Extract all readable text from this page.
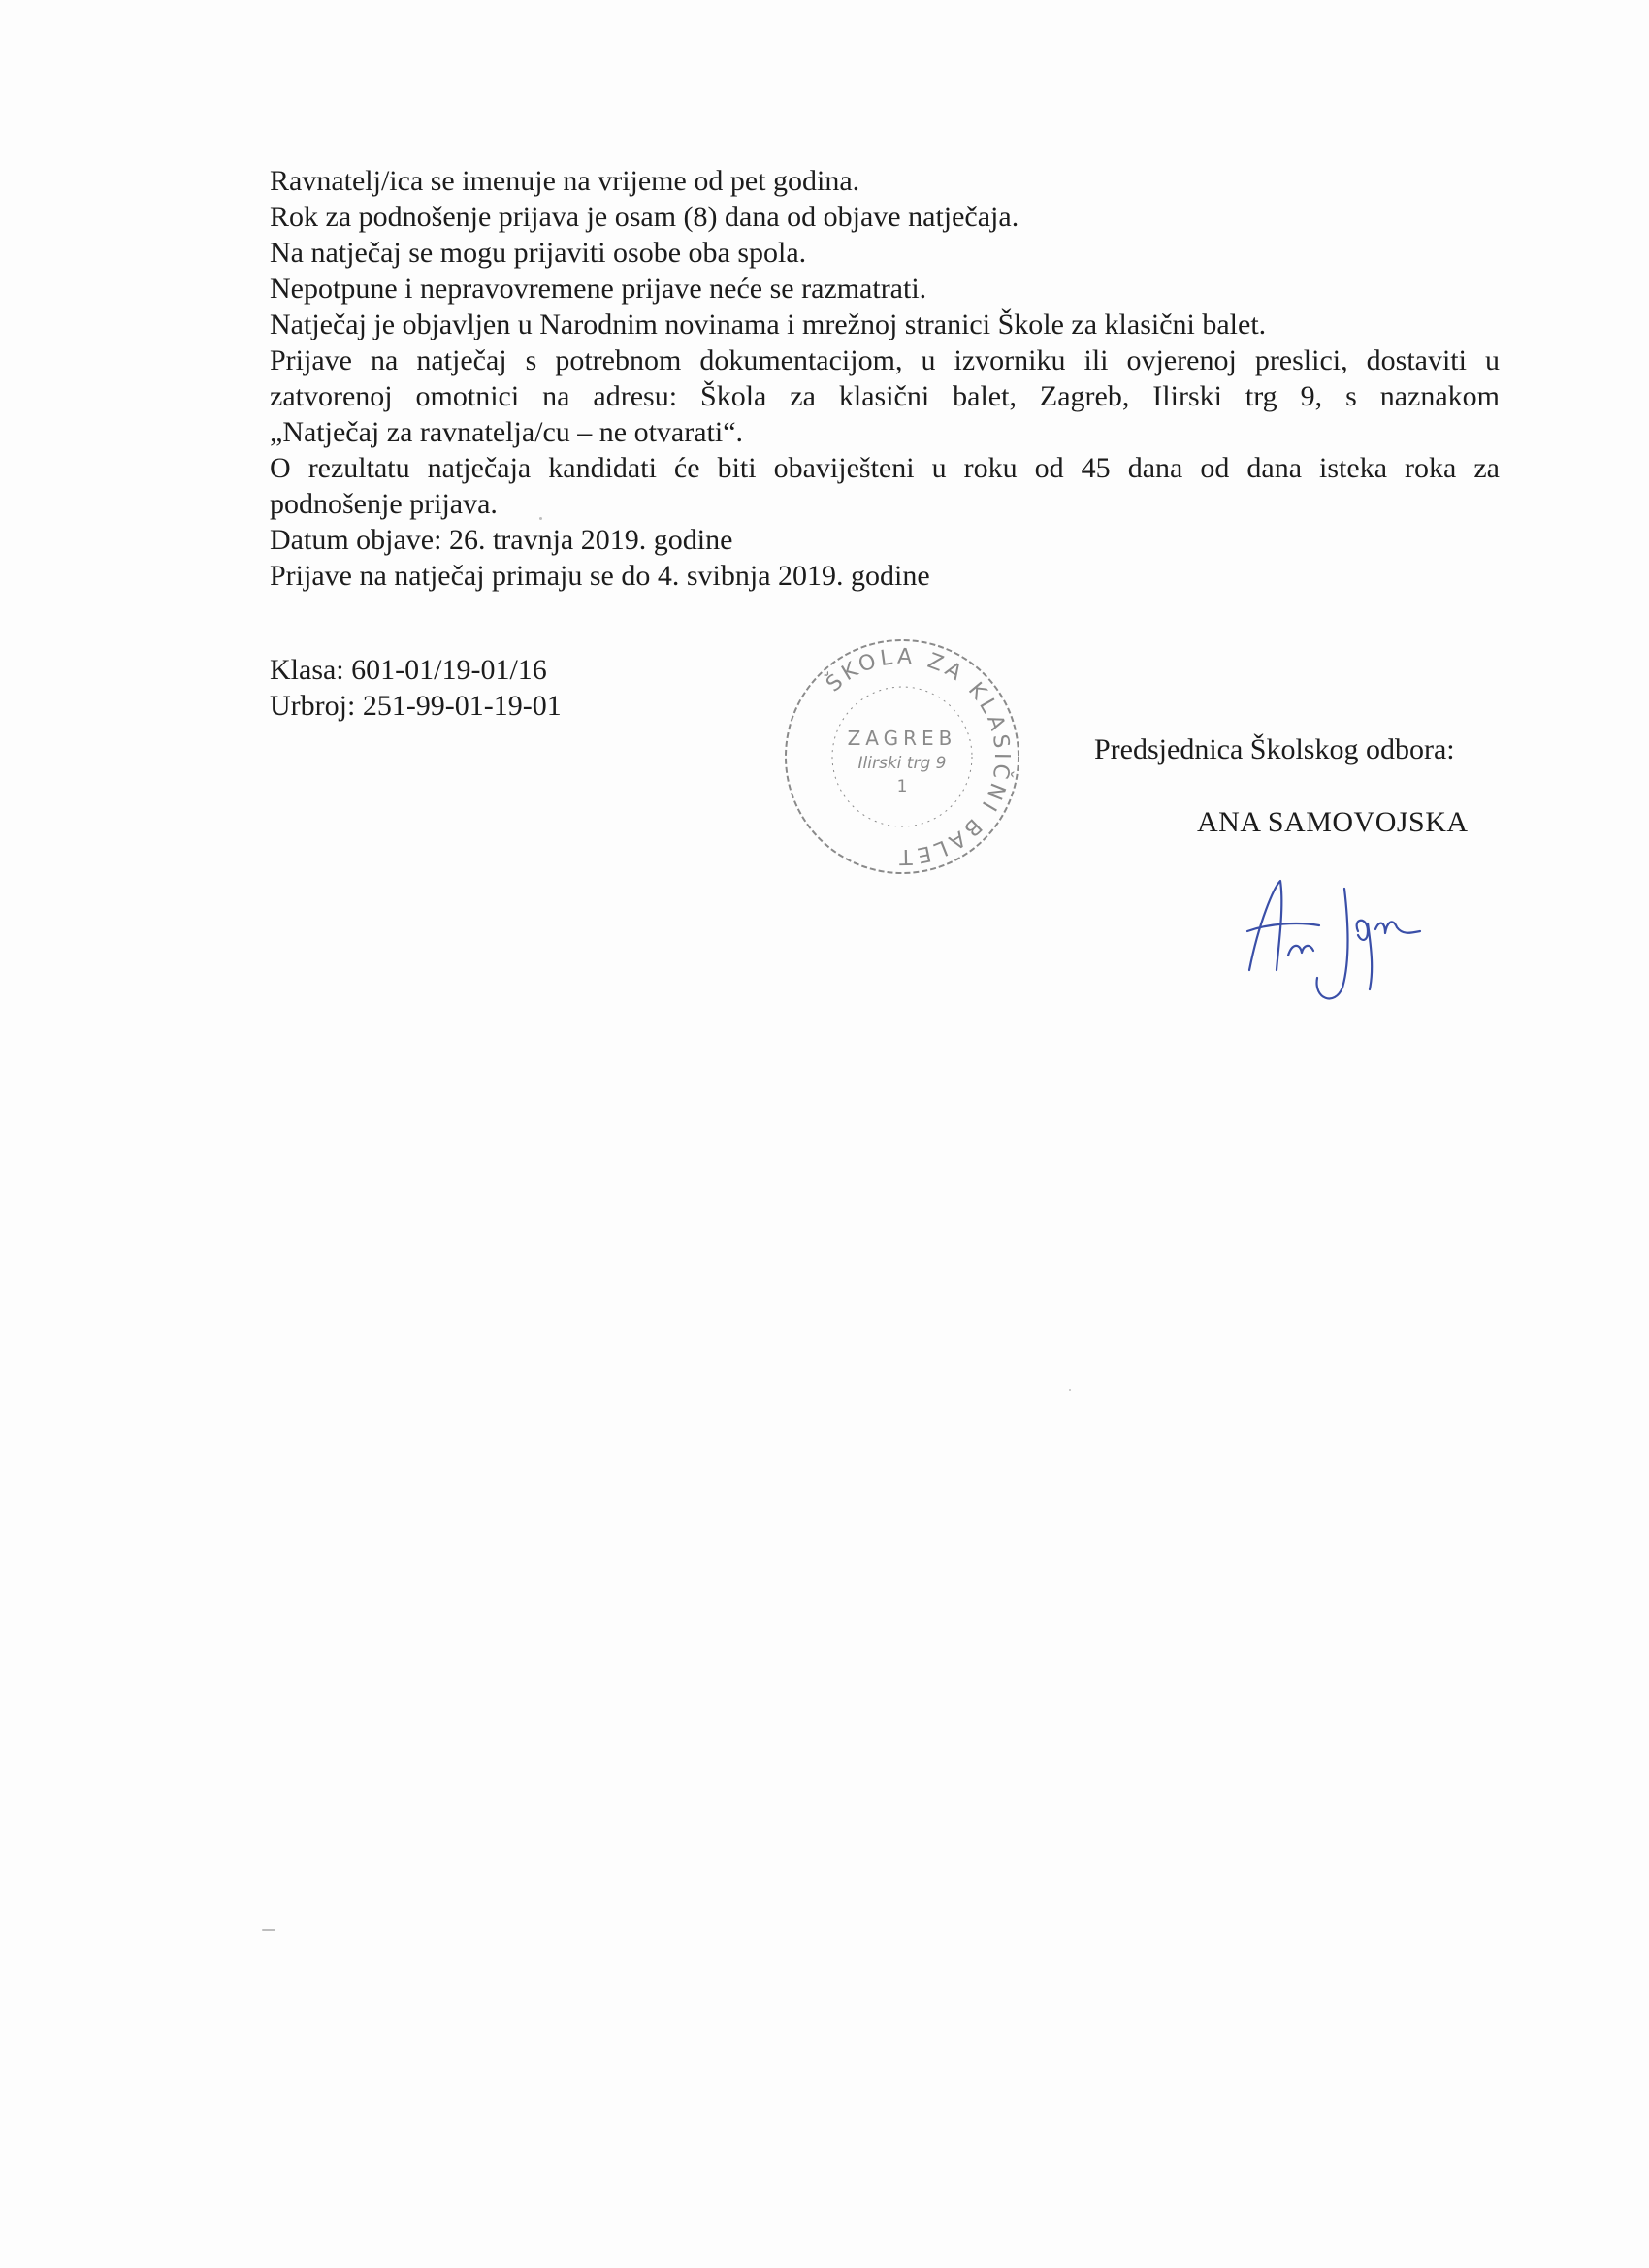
Ravnatelj/ica se imenuje na vrijeme od pet godina.

Rok za podnošenje prijava je osam (8) dana od objave natječaja.

Na natječaj se mogu prijaviti osobe oba spola.

Nepotpune i nepravovremene prijave neće se razmatrati.

Natječaj je objavljen u Narodnim novinama i mrežnoj stranici Škole za klasični balet.

Prijave na natječaj s potrebnom dokumentacijom, u izvorniku ili ovjerenoj preslici, dostaviti u

zatvorenoj omotnici na adresu: Škola za klasični balet, Zagreb, Ilirski trg 9, s naznakom

„Natječaj za ravnatelja/cu – ne otvarati“.

O rezultatu natječaja kandidati će biti obaviješteni u roku od 45 dana od dana isteka roka za

podnošenje prijava.

Datum objave: 26. travnja 2019. godine

Prijave na natječaj primaju se do 4. svibnja 2019. godine

Klasa: 601-01/19-01/16

Urbroj: 251-99-01-19-01

ŠKOLA ZA KLASIČNI BALET
ZAGREB
Ilirski trg 9
1
Predsjednica Školskog odbora:
ANA SAMOVOJSKA
